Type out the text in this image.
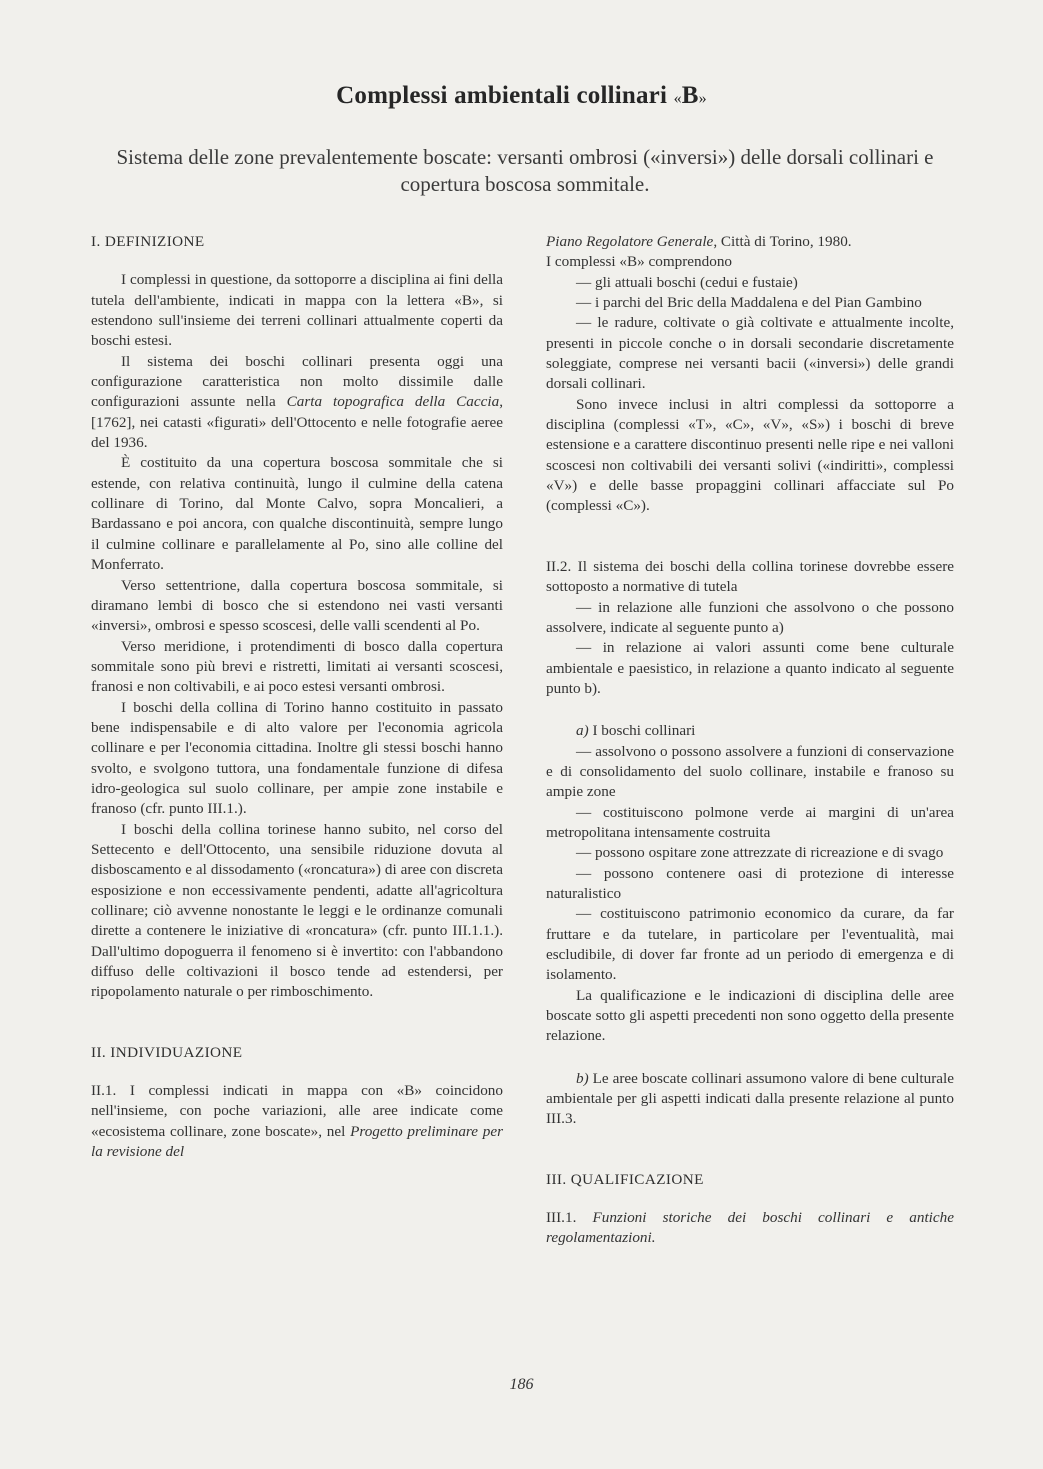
Complessi ambientali collinari «B»
Sistema delle zone prevalentemente boscate: versanti ombrosi («inversi») delle dorsali collinari e copertura boscosa sommitale.

I. DEFINIZIONE

I complessi in questione, da sottoporre a disciplina ai fini della tutela dell'ambiente, indicati in mappa con la lettera «B», si estendono sull'insieme dei terreni collinari attualmente coperti da boschi estesi.

Il sistema dei boschi collinari presenta oggi una configurazione caratteristica non molto dissimile dalle configurazioni assunte nella Carta topografica della Caccia, [1762], nei catasti «figurati» dell'Ottocento e nelle fotografie aeree del 1936.

È costituito da una copertura boscosa sommitale che si estende, con relativa continuità, lungo il culmine della catena collinare di Torino, dal Monte Calvo, sopra Moncalieri, a Bardassano e poi ancora, con qualche discontinuità, sempre lungo il culmine collinare e parallelamente al Po, sino alle colline del Monferrato.

Verso settentrione, dalla copertura boscosa sommitale, si diramano lembi di bosco che si estendono nei vasti versanti «inversi», ombrosi e spesso scoscesi, delle valli scendenti al Po.

Verso meridione, i protendimenti di bosco dalla copertura sommitale sono più brevi e ristretti, limitati ai versanti scoscesi, franosi e non coltivabili, e ai poco estesi versanti ombrosi.

I boschi della collina di Torino hanno costituito in passato bene indispensabile e di alto valore per l'economia agricola collinare e per l'economia cittadina. Inoltre gli stessi boschi hanno svolto, e svolgono tuttora, una fondamentale funzione di difesa idro-geologica sul suolo collinare, per ampie zone instabile e franoso (cfr. punto III.1.).

I boschi della collina torinese hanno subito, nel corso del Settecento e dell'Ottocento, una sensibile riduzione dovuta al disboscamento e al dissodamento («roncatura») di aree con discreta esposizione e non eccessivamente pendenti, adatte all'agricoltura collinare; ciò avvenne nonostante le leggi e le ordinanze comunali dirette a contenere le iniziative di «roncatura» (cfr. punto III.1.1.). Dall'ultimo dopoguerra il fenomeno si è invertito: con l'abbandono diffuso delle coltivazioni il bosco tende ad estendersi, per ripopolamento naturale o per rimboschimento.

II. INDIVIDUAZIONE

II.1. I complessi indicati in mappa con «B» coincidono nell'insieme, con poche variazioni, alle aree indicate come «ecosistema collinare, zone boscate», nel Progetto preliminare per la revisione del

Piano Regolatore Generale, Città di Torino, 1980.

I complessi «B» comprendono

— gli attuali boschi (cedui e fustaie)

— i parchi del Bric della Maddalena e del Pian Gambino

— le radure, coltivate o già coltivate e attualmente incolte, presenti in piccole conche o in dorsali secondarie discretamente soleggiate, comprese nei versanti bacii («inversi») delle grandi dorsali collinari.

Sono invece inclusi in altri complessi da sottoporre a disciplina (complessi «T», «C», «V», «S») i boschi di breve estensione e a carattere discontinuo presenti nelle ripe e nei valloni scoscesi non coltivabili dei versanti solivi («indiritti», complessi «V») e delle basse propaggini collinari affacciate sul Po (complessi «C»).

II.2. Il sistema dei boschi della collina torinese dovrebbe essere sottoposto a normative di tutela

— in relazione alle funzioni che assolvono o che possono assolvere, indicate al seguente punto a)

— in relazione ai valori assunti come bene culturale ambientale e paesistico, in relazione a quanto indicato al seguente punto b).

a) I boschi collinari

— assolvono o possono assolvere a funzioni di conservazione e di consolidamento del suolo collinare, instabile e franoso su ampie zone

— costituiscono polmone verde ai margini di un'area metropolitana intensamente costruita

— possono ospitare zone attrezzate di ricreazione e di svago

— possono contenere oasi di protezione di interesse naturalistico

— costituiscono patrimonio economico da curare, da far fruttare e da tutelare, in particolare per l'eventualità, mai escludibile, di dover far fronte ad un periodo di emergenza e di isolamento.

La qualificazione e le indicazioni di disciplina delle aree boscate sotto gli aspetti precedenti non sono oggetto della presente relazione.

b) Le aree boscate collinari assumono valore di bene culturale ambientale per gli aspetti indicati dalla presente relazione al punto III.3.

III. QUALIFICAZIONE

III.1. Funzioni storiche dei boschi collinari e antiche regolamentazioni.

186
